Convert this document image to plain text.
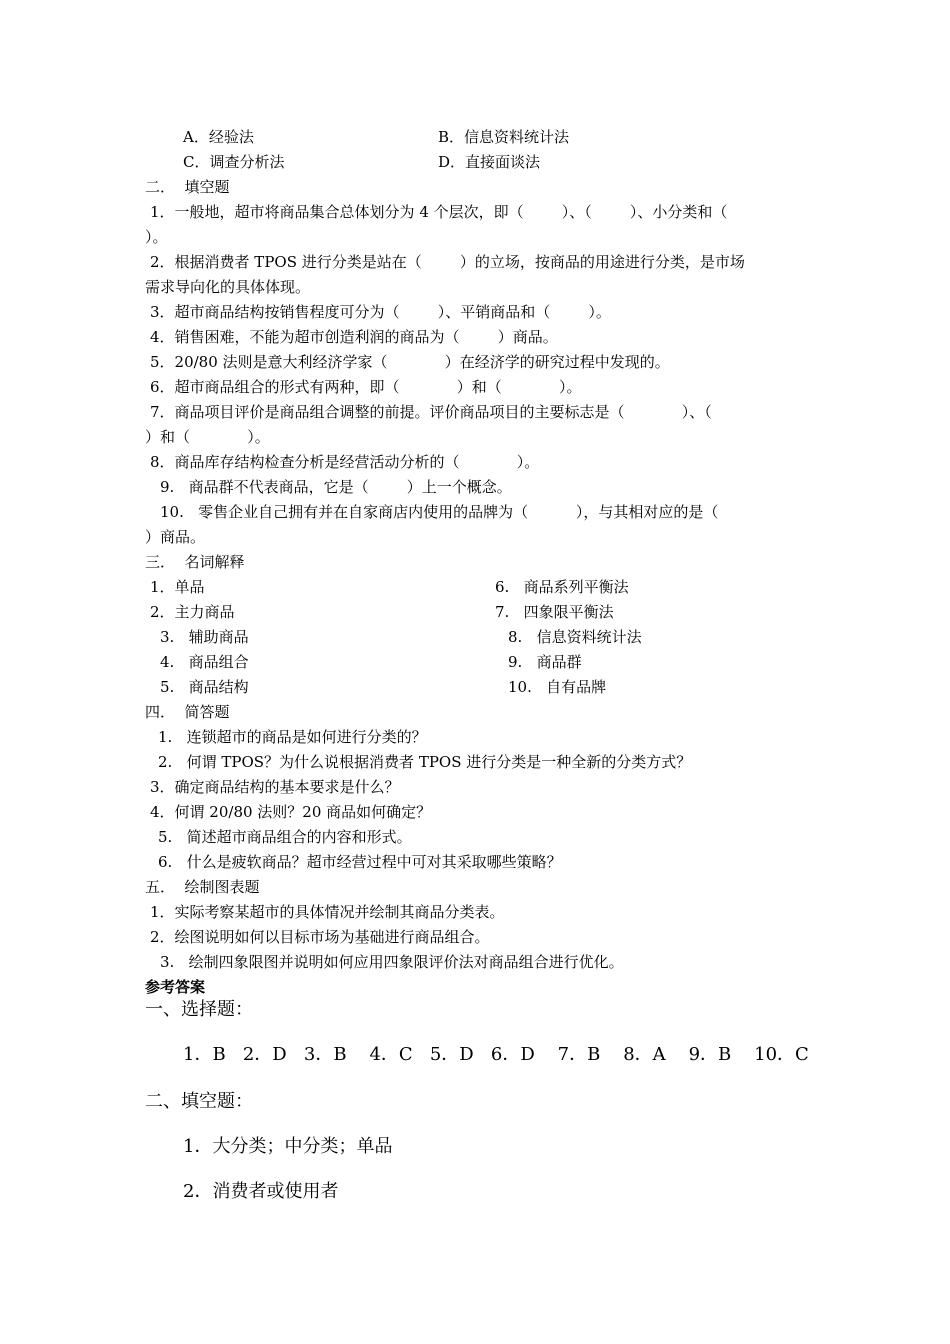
A．经验法	B．信息资料统计法
C．调查分析法	D．直接面谈法
二．  填空题
1．一般地，超市将商品集合总体划分为 4 个层次，即（        ）、（        ）、小分类和（
）。
2．根据消费者 TPOS 进行分类是站在（        ）的立场，按商品的用途进行分类，是市场
需求导向化的具体体现。
3．超市商品结构按销售程度可分为（        ）、平销商品和（        ）。
4．销售困难，不能为超市创造利润的商品为（        ）商品。
5．20/80 法则是意大利经济学家（            ）在经济学的研究过程中发现的。
6．超市商品组合的形式有两种，即（            ）和（            ）。
7．商品项目评价是商品组合调整的前提。评价商品项目的主要标志是（            ）、（
）和（            ）。
8．商品库存结构检查分析是经营活动分析的（            ）。
9.   商品群不代表商品，它是（        ）上一个概念。
10.   零售企业自己拥有并在自家商店内使用的品牌为（          ），与其相对应的是（
）商品。
三．  名词解释
1．单品
2．主力商品
3.   辅助商品
4.   商品组合
5.   商品结构
6.   商品系列平衡法
7.   四象限平衡法
8.   信息资料统计法
9.   商品群
10.   自有品牌
四．  简答题
1.   连锁超市的商品是如何进行分类的？
2.   何谓 TPOS？为什么说根据消费者 TPOS 进行分类是一种全新的分类方式？
3．确定商品结构的基本要求是什么？
4．何谓 20/80 法则？20 商品如何确定？
5.   简述超市商品组合的内容和形式。
6.   什么是疲软商品？超市经营过程中可对其采取哪些策略？
五．  绘制图表题
1．实际考察某超市的具体情况并绘制其商品分类表。
2．绘图说明如何以目标市场为基础进行商品组合。
3.   绘制四象限图并说明如何应用四象限评价法对商品组合进行优化。
参考答案
一、选择题：
1．B   2．D   3．B    4．C   5．D   6．D    7．B    8．A    9．B    10．C
二、填空题：
1．大分类；中分类；单品
2．消费者或使用者
